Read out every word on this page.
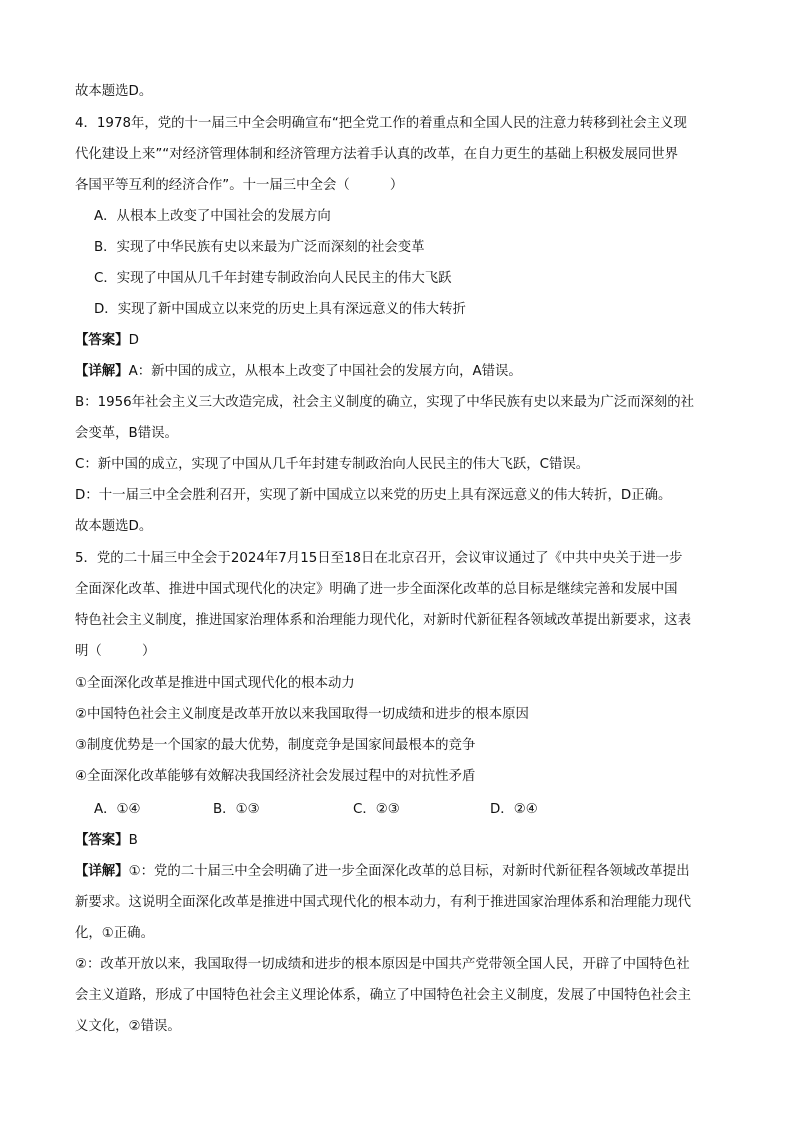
故本题选D。
4．1978年，党的十一届三中全会明确宣布“把全党工作的着重点和全国人民的注意力转移到社会主义现
代化建设上来”“对经济管理体制和经济管理方法着手认真的改革，在自力更生的基础上积极发展同世界
各国平等互利的经济合作”。十一届三中全会（　　　）
A．从根本上改变了中国社会的发展方向
B．实现了中华民族有史以来最为广泛而深刻的社会变革
C．实现了中国从几千年封建专制政治向人民民主的伟大飞跃
D．实现了新中国成立以来党的历史上具有深远意义的伟大转折
【答案】D
【详解】A：新中国的成立，从根本上改变了中国社会的发展方向，A错误。
B：1956年社会主义三大改造完成，社会主义制度的确立，实现了中华民族有史以来最为广泛而深刻的社
会变革，B错误。
C：新中国的成立，实现了中国从几千年封建专制政治向人民民主的伟大飞跃，C错误。
D：十一届三中全会胜利召开，实现了新中国成立以来党的历史上具有深远意义的伟大转折，D正确。
故本题选D。
5．党的二十届三中全会于2024年7月15日至18日在北京召开，会议审议通过了《中共中央关于进一步
全面深化改革、推进中国式现代化的决定》明确了进一步全面深化改革的总目标是继续完善和发展中国
特色社会主义制度，推进国家治理体系和治理能力现代化，对新时代新征程各领域改革提出新要求，这表
明（　　　）
①全面深化改革是推进中国式现代化的根本动力
②中国特色社会主义制度是改革开放以来我国取得一切成绩和进步的根本原因
③制度优势是一个国家的最大优势，制度竞争是国家间最根本的竞争
④全面深化改革能够有效解决我国经济社会发展过程中的对抗性矛盾
A．①④	B．①③	C．②③	D．②④
【答案】B
【详解】①：党的二十届三中全会明确了进一步全面深化改革的总目标，对新时代新征程各领域改革提出
新要求。这说明全面深化改革是推进中国式现代化的根本动力，有利于推进国家治理体系和治理能力现代
化，①正确。
②：改革开放以来，我国取得一切成绩和进步的根本原因是中国共产党带领全国人民，开辟了中国特色社
会主义道路，形成了中国特色社会主义理论体系，确立了中国特色社会主义制度，发展了中国特色社会主
义文化，②错误。
